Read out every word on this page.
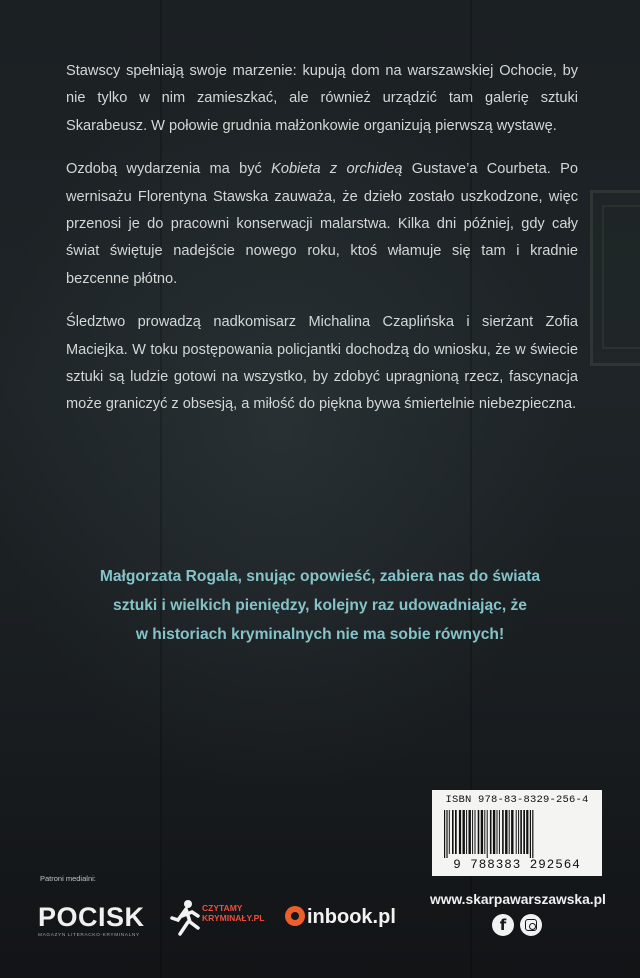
Stawscy spełniają swoje marzenie: kupują dom na warszawskiej Ochocie, by nie tylko w nim zamieszkać, ale również urządzić tam galerię sztuki Skarabeusz. W połowie grudnia małżonkowie organizują pierwszą wystawę.

Ozdobą wydarzenia ma być Kobieta z orchideą Gustave’a Courbeta. Po wernisażu Florentyna Stawska zauważa, że dzieło zostało uszkodzone, więc przenosi je do pracowni konserwacji malarstwa. Kilka dni później, gdy cały świat świętuje nadejście nowego roku, ktoś włamuje się tam i kradnie bezcenne płótno.

Śledztwo prowadzą nadkomisarz Michalina Czaplińska i sierżant Zofia Maciejka. W toku postępowania policjantki dochodzą do wniosku, że w świecie sztuki są ludzie gotowi na wszystko, by zdobyć upragnioną rzecz, fascynacja może graniczyć z obsesją, a miłość do piękna bywa śmiertelnie niebezpieczna.

Małgorzata Rogala, snując opowieść, zabiera nas do świata
sztuki i wielkich pieniędzy, kolejny raz udowadniając, że
w historiach kryminalnych nie ma sobie równych!
ISBN 978-83-8329-256-4
9 788383 292564
Patroni medialni:
POCISK
MAGAZYN LITERACKO-KRYMINALNY
CZYTAMY
KRYMINAŁY.PL	inbook.pl
www.skarpawarszawska.pl
f
